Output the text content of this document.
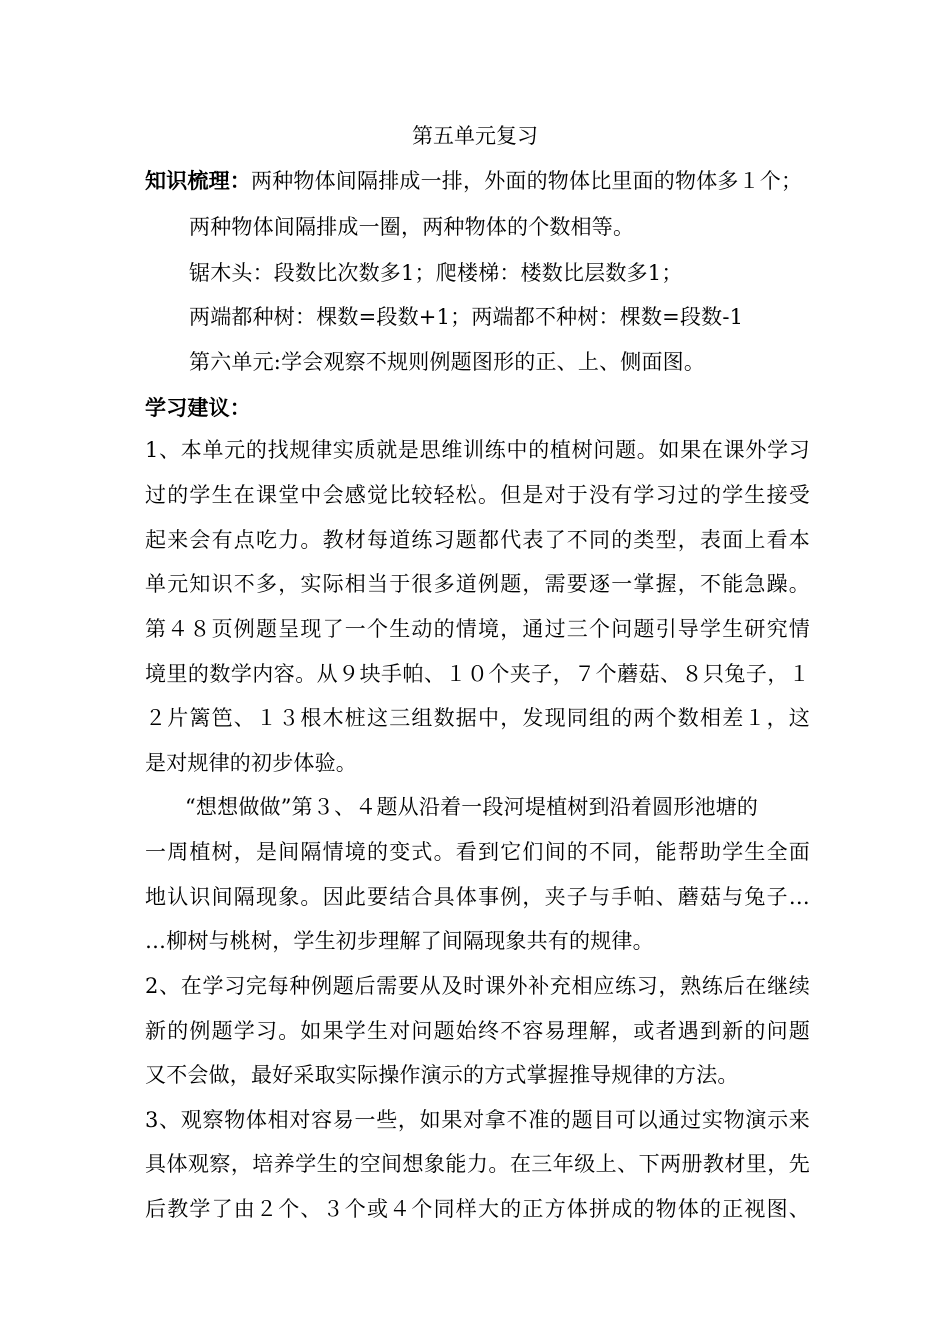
第五单元复习
知识梳理：两种物体间隔排成一排，外面的物体比里面的物体多１个；
两种物体间隔排成一圈，两种物体的个数相等。
锯木头：段数比次数多1；爬楼梯：楼数比层数多1；
两端都种树：棵数=段数+1；两端都不种树：棵数=段数-1
第六单元:学会观察不规则例题图形的正、上、侧面图。
学习建议：
1、本单元的找规律实质就是思维训练中的植树问题。如果在课外学习
过的学生在课堂中会感觉比较轻松。但是对于没有学习过的学生接受
起来会有点吃力。教材每道练习题都代表了不同的类型，表面上看本
单元知识不多，实际相当于很多道例题，需要逐一掌握，不能急躁。
第４８页例题呈现了一个生动的情境，通过三个问题引导学生研究情
境里的数学内容。从９块手帕、１０个夹子，７个蘑菇、８只兔子，１
２片篱笆、１３根木桩这三组数据中，发现同组的两个数相差１，这
是对规律的初步体验。
“想想做做”第３、４题从沿着一段河堤植树到沿着圆形池塘的
一周植树，是间隔情境的变式。看到它们间的不同，能帮助学生全面
地认识间隔现象。因此要结合具体事例，夹子与手帕、蘑菇与兔子…
…柳树与桃树，学生初步理解了间隔现象共有的规律。
2、在学习完每种例题后需要从及时课外补充相应练习，熟练后在继续
新的例题学习。如果学生对问题始终不容易理解，或者遇到新的问题
又不会做，最好采取实际操作演示的方式掌握推导规律的方法。
3、观察物体相对容易一些，如果对拿不准的题目可以通过实物演示来
具体观察，培养学生的空间想象能力。在三年级上、下两册教材里，先
后教学了由２个、３个或４个同样大的正方体拼成的物体的正视图、
